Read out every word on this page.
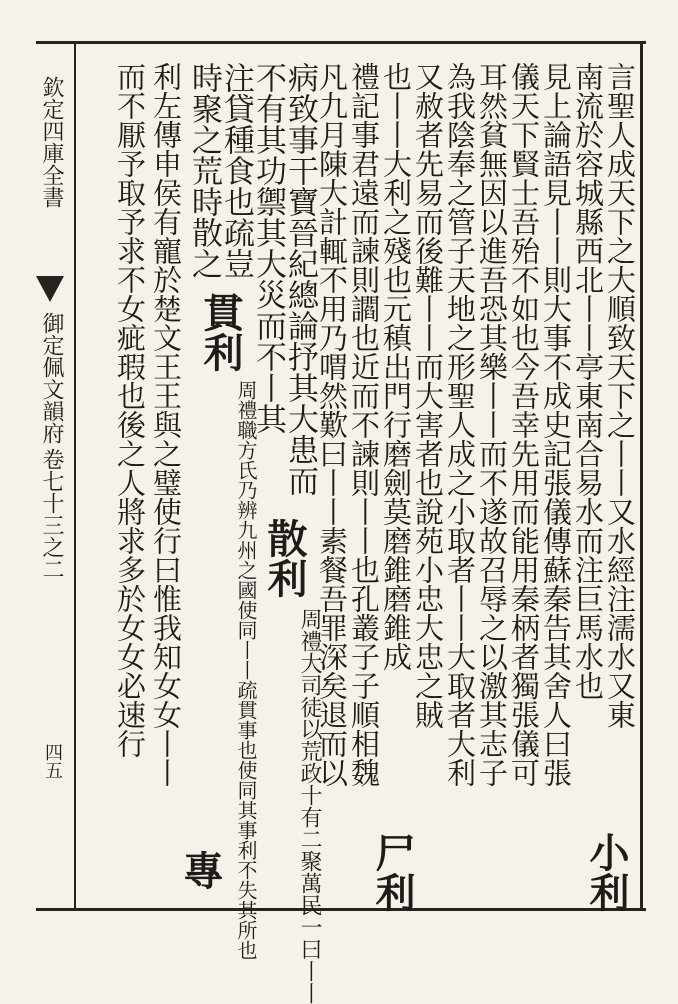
欽定四庫全書
御定佩文韻府
卷七十三之二
四五
言聖人成天下之大順致天下之丨丨又水經注濡水又東
南流於容城縣西北丨丨亭東南合易水而注巨馬水也
小利
見上論語見丨丨則大事不成史記張儀傳蘇秦告其舍人曰張
儀天下賢士吾殆不如也今吾幸先用而能用秦柄者獨張儀可
耳然貧無因以進吾恐其樂丨丨而不遂故召辱之以激其志子
為我陰奉之管子天地之形聖人成之小取者丨丨大取者大利
又赦者先易而後難丨丨而大害者也說苑小忠大忠之賊
也丨丨大利之殘也元稹出門行磨劍莫磨錐磨錐成
尸利
禮記事君遠而諫則讇也近而不諫則丨丨也孔叢子子順相魏
凡九月陳大計輒不用乃喟然歎曰丨丨素餐吾罪深矣退而以
病致事干寶晉紀總論抒其大患而
散利
周禮大司徒以荒政十有二聚萬民一曰丨丨
不有其功禦其大災而不丨其
注貸種食也疏豈
貫利
周禮職方氏乃辨九州之國使同丨丨疏貫事也使同其事利不失其所也
時聚之荒時散之
專
利左傳申侯有寵於楚文王王與之璧使行曰惟我知女女丨丨
而不厭予取予求不女疵瑕也後之人將求多於女女必速行
